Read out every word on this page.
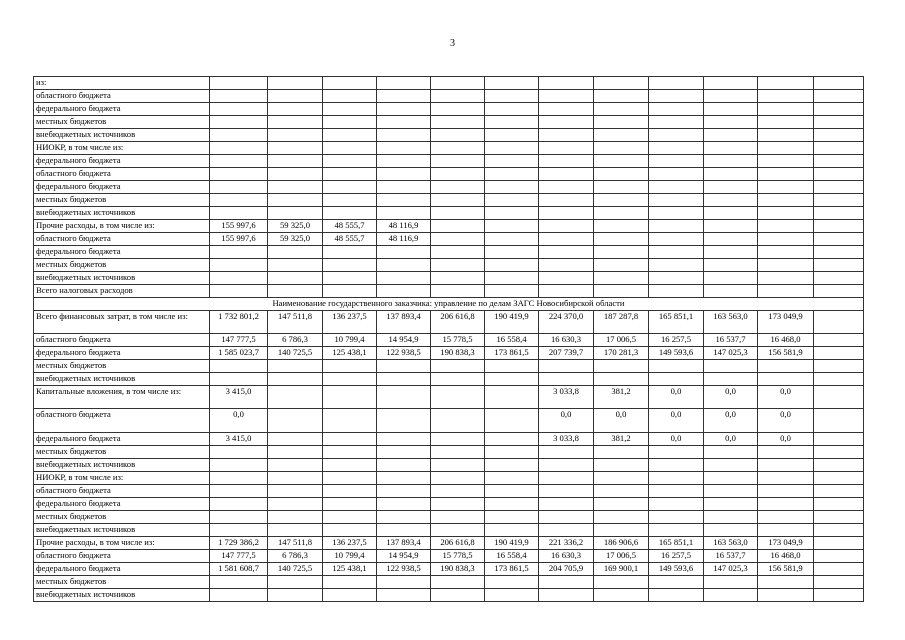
3
из:												
областного бюджета												
федерального бюджета												
местных бюджетов												
внебюджетных источников												
НИОКР, в том числе из:												
федерального бюджета												
областного бюджета												
федерального бюджета												
местных бюджетов												
внебюджетных источников												
Прочие расходы, в том числе из:	155 997,6	59 325,0	48 555,7	48 116,9								
областного бюджета	155 997,6	59 325,0	48 555,7	48 116,9								
федерального бюджета												
местных бюджетов												
внебюджетных источников												
Всего налоговых расходов												
Наименование государственного заказчика: управление по делам ЗАГС Новосибирской области												
Всего финансовых затрат, в том числе из:	1 732 801,2	147 511,8	136 237,5	137 893,4	206 616,8	190 419,9	224 370,0	187 287,8	165 851,1	163 563,0	173 049,9	
областного бюджета	147 777,5	6 786,3	10 799,4	14 954,9	15 778,5	16 558,4	16 630,3	17 006,5	16 257,5	16 537,7	16 468,0	
федерального бюджета	1 585 023,7	140 725,5	125 438,1	122 938,5	190 838,3	173 861,5	207 739,7	170 281,3	149 593,6	147 025,3	156 581,9	
местных бюджетов												
внебюджетных источников												
Капитальные вложения, в том числе из:	3 415,0						3 033,8	381,2	0,0	0,0	0,0	
областного бюджета	0,0						0,0	0,0	0,0	0,0	0,0	
федерального бюджета	3 415,0						3 033,8	381,2	0,0	0,0	0,0	
местных бюджетов												
внебюджетных источников												
НИОКР, в том числе из:												
областного бюджета												
федерального бюджета												
местных бюджетов												
внебюджетных источников												
Прочие расходы, в том числе из:	1 729 386,2	147 511,8	136 237,5	137 893,4	206 616,8	190 419,9	221 336,2	186 906,6	165 851,1	163 563,0	173 049,9	
областного бюджета	147 777,5	6 786,3	10 799,4	14 954,9	15 778,5	16 558,4	16 630,3	17 006,5	16 257,5	16 537,7	16 468,0	
федерального бюджета	1 581 608,7	140 725,5	125 438,1	122 938,5	190 838,3	173 861,5	204 705,9	169 900,1	149 593,6	147 025,3	156 581,9	
местных бюджетов												
внебюджетных источников												
